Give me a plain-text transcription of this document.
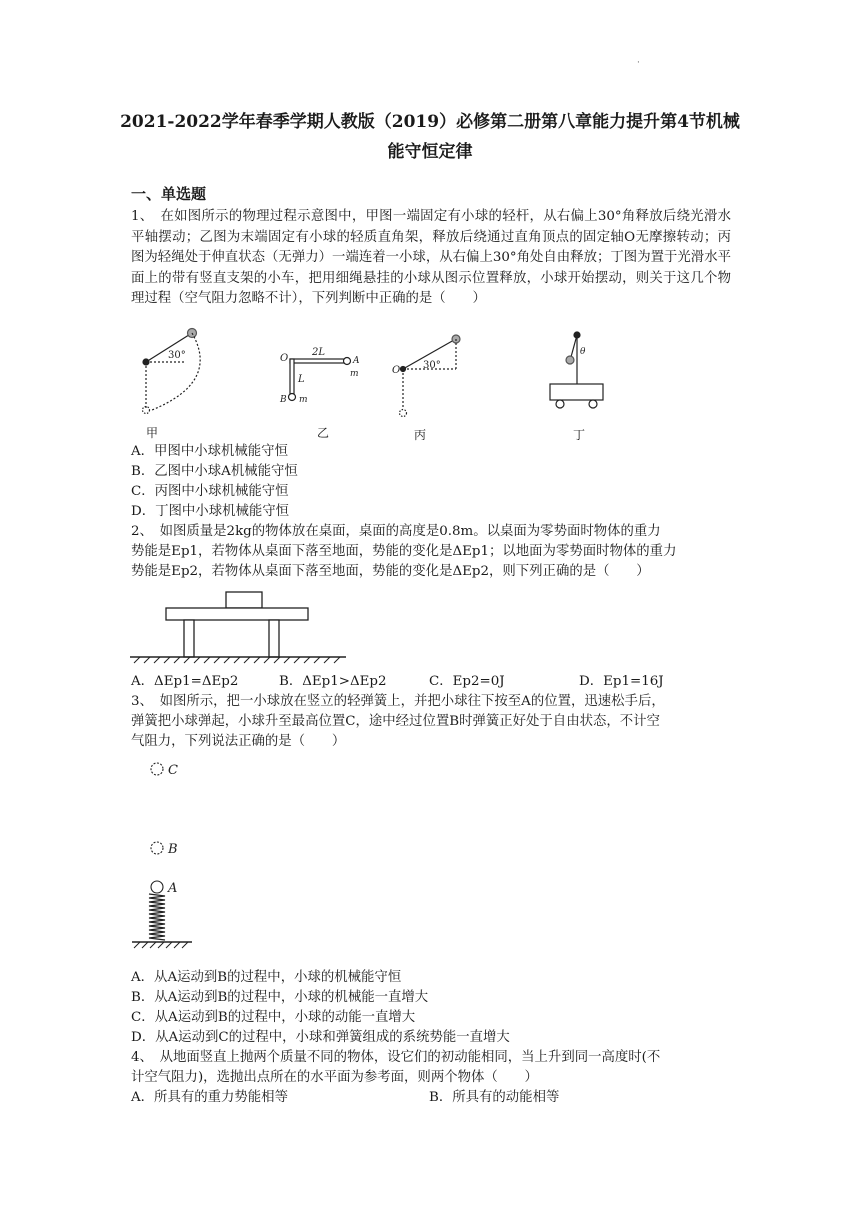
·
2021-2022学年春季学期人教版（2019）必修第二册第八章能力提升第4节机械
能守恒定律
一、单选题
1、　在如图所示的物理过程示意图中，甲图一端固定有小球的轻杆，从右偏上30°角释放后绕光滑水平轴摆动；乙图为末端固定有小球的轻质直角架，释放后绕通过直角顶点的固定轴O无摩擦转动；丙图为轻绳处于伸直状态（无弹力）一端连着一小球，从右偏上30°角处自由释放；丁图为置于光滑水平面上的带有竖直支架的小车，把用细绳悬挂的小球从图示位置释放，小球开始摆动，则关于这几个物理过程（空气阻力忽略不计），下列判断中正确的是（　　）
30°	O
2L
L
A
m
B m
O 30°
θ
甲	乙	丙	丁
A．甲图中小球机械能守恒
B．乙图中小球A机械能守恒
C．丙图中小球机械能守恒
D．丁图中小球机械能守恒
2、　如图质量是2kg的物体放在桌面，桌面的高度是0.8m。以桌面为零势面时物体的重力
势能是Ep1，若物体从桌面下落至地面，势能的变化是ΔEp1；以地面为零势面时物体的重力
势能是Ep2，若物体从桌面下落至地面，势能的变化是ΔEp2，则下列正确的是（　　）
A．ΔEp1=ΔEp2	B．ΔEp1>ΔEp2	C．Ep2=0J	D．Ep1=16J
3、　如图所示，把一小球放在竖立的轻弹簧上，并把小球往下按至A的位置，迅速松手后，
弹簧把小球弹起，小球升至最高位置C，途中经过位置B时弹簧正好处于自由状态，不计空
气阻力，下列说法正确的是（　　）
C
B
A
A．从A运动到B的过程中，小球的机械能守恒
B．从A运动到B的过程中，小球的机械能一直增大
C．从A运动到B的过程中，小球的动能一直增大
D．从A运动到C的过程中，小球和弹簧组成的系统势能一直增大
4、　从地面竖直上抛两个质量不同的物体，设它们的初动能相同，当上升到同一高度时(不
计空气阻力)，选抛出点所在的水平面为参考面，则两个物体（　　）
A．所具有的重力势能相等	B．所具有的动能相等
